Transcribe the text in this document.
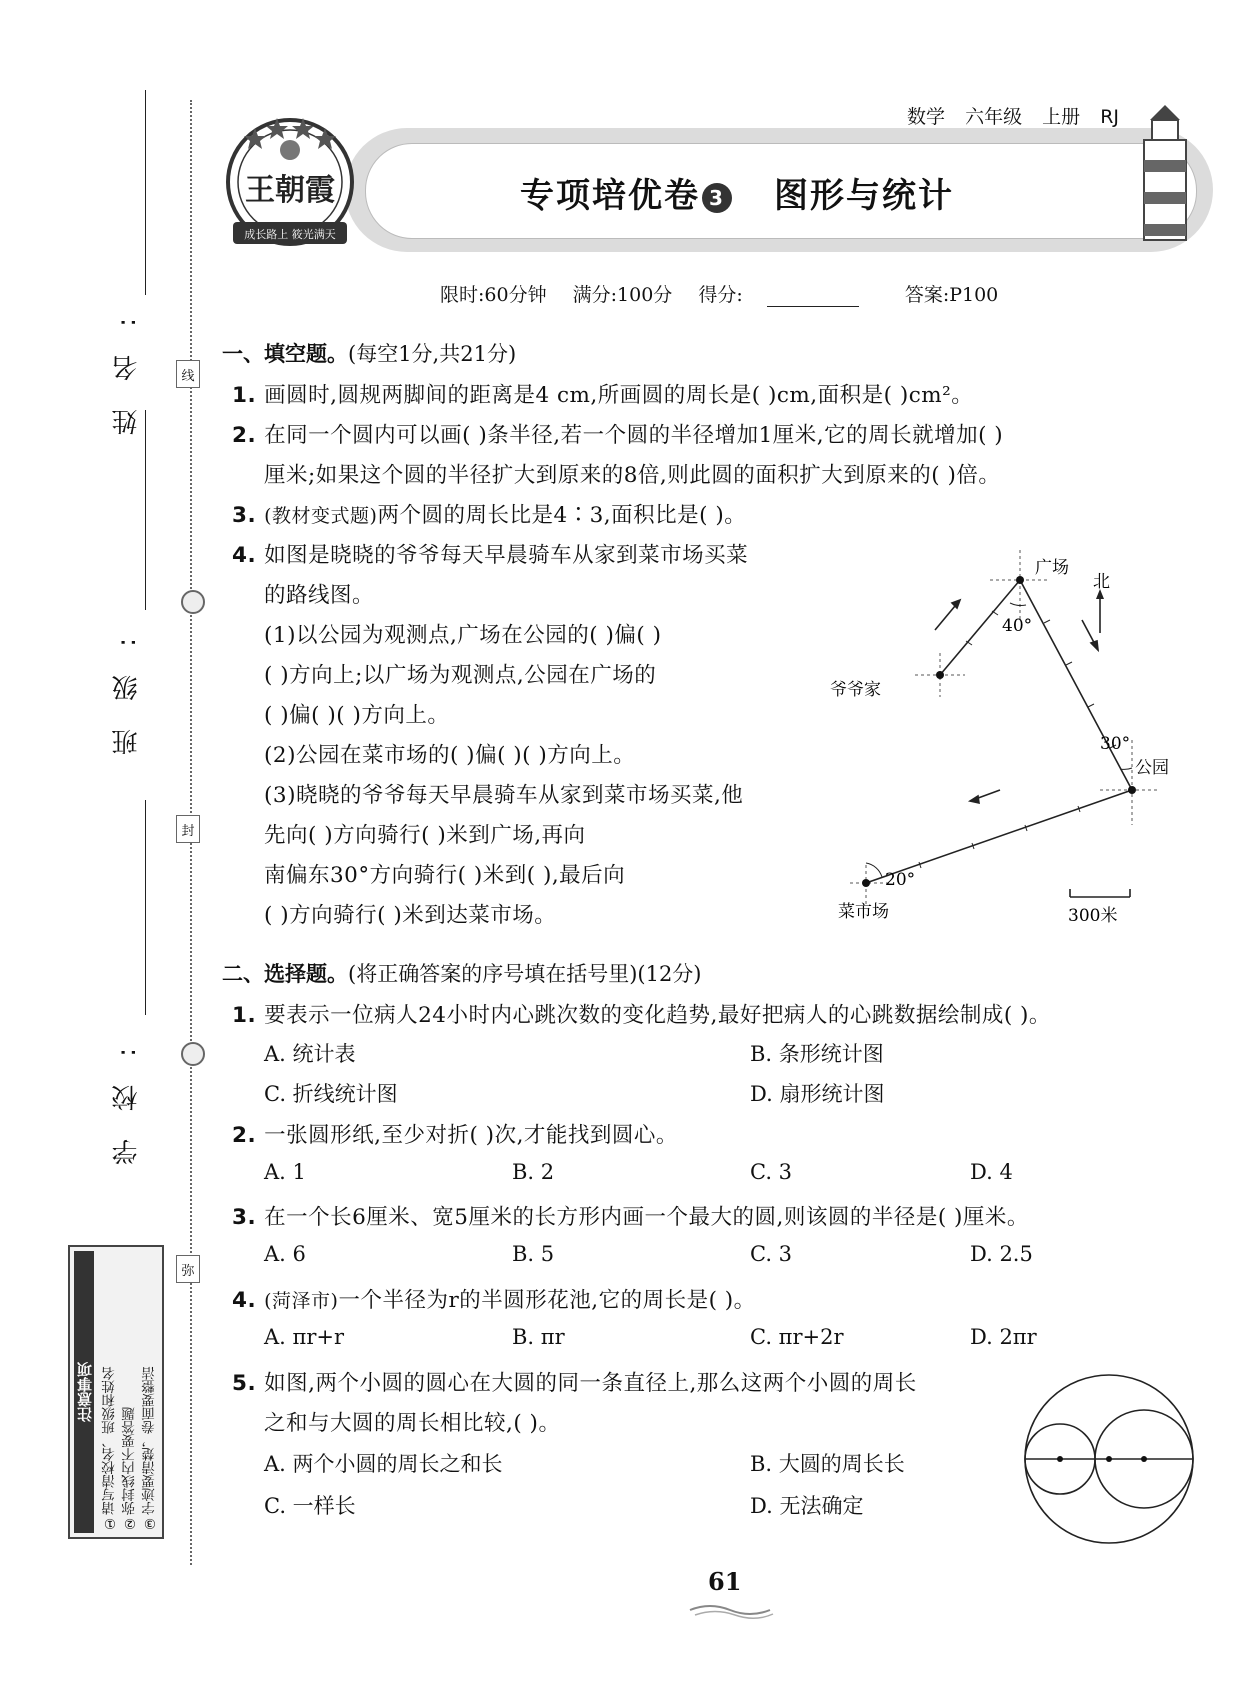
姓名:
班级:
学校:
线
封
弥
注意事项 ①请写清校名、班级和姓名 ②弥封线内不要答题 ③字迹要清楚，卷面要整洁
王朝霞
成长路上 筱光满天
数学 六年级 上册 RJ
专项培优卷 3 图形与统计
限时:60分钟 满分:100分 得分:	答案:P100
一、填空题。(每空1分,共21分)
1. 画圆时,圆规两脚间的距离是4 cm,所画圆的周长是( )cm,面积是( )cm²。
2. 在同一个圆内可以画( )条半径,若一个圆的半径增加1厘米,它的周长就增加( )
厘米;如果这个圆的半径扩大到原来的8倍,则此圆的面积扩大到原来的( )倍。
3. (教材变式题)两个圆的周长比是4∶3,面积比是( )。
4. 如图是晓晓的爷爷每天早晨骑车从家到菜市场买菜
的路线图。
(1)以公园为观测点,广场在公园的( )偏( )
( )方向上;以广场为观测点,公园在广场的
( )偏( )( )方向上。
(2)公园在菜市场的( )偏( )( )方向上。
(3)晓晓的爷爷每天早晨骑车从家到菜市场买菜,他
先向( )方向骑行( )米到广场,再向
南偏东30°方向骑行( )米到( ),最后向
( )方向骑行( )米到达菜市场。
北
广场
爷爷家
公园
菜市场
40°
30°
20°
300米
二、选择题。(将正确答案的序号填在括号里)(12分)
1. 要表示一位病人24小时内心跳次数的变化趋势,最好把病人的心跳数据绘制成( )。
A. 统计表	B. 条形统计图
C. 折线统计图	D. 扇形统计图
2. 一张圆形纸,至少对折( )次,才能找到圆心。
A. 1	B. 2	C. 3	D. 4
3. 在一个长6厘米、宽5厘米的长方形内画一个最大的圆,则该圆的半径是( )厘米。
A. 6	B. 5	C. 3	D. 2.5
4. (菏泽市)一个半径为r的半圆形花池,它的周长是( )。
A. πr+r	B. πr	C. πr+2r	D. 2πr
5. 如图,两个小圆的圆心在大圆的同一条直径上,那么这两个小圆的周长
之和与大圆的周长相比较,( )。
A. 两个小圆的周长之和长	B. 大圆的周长长
C. 一样长	D. 无法确定
61
